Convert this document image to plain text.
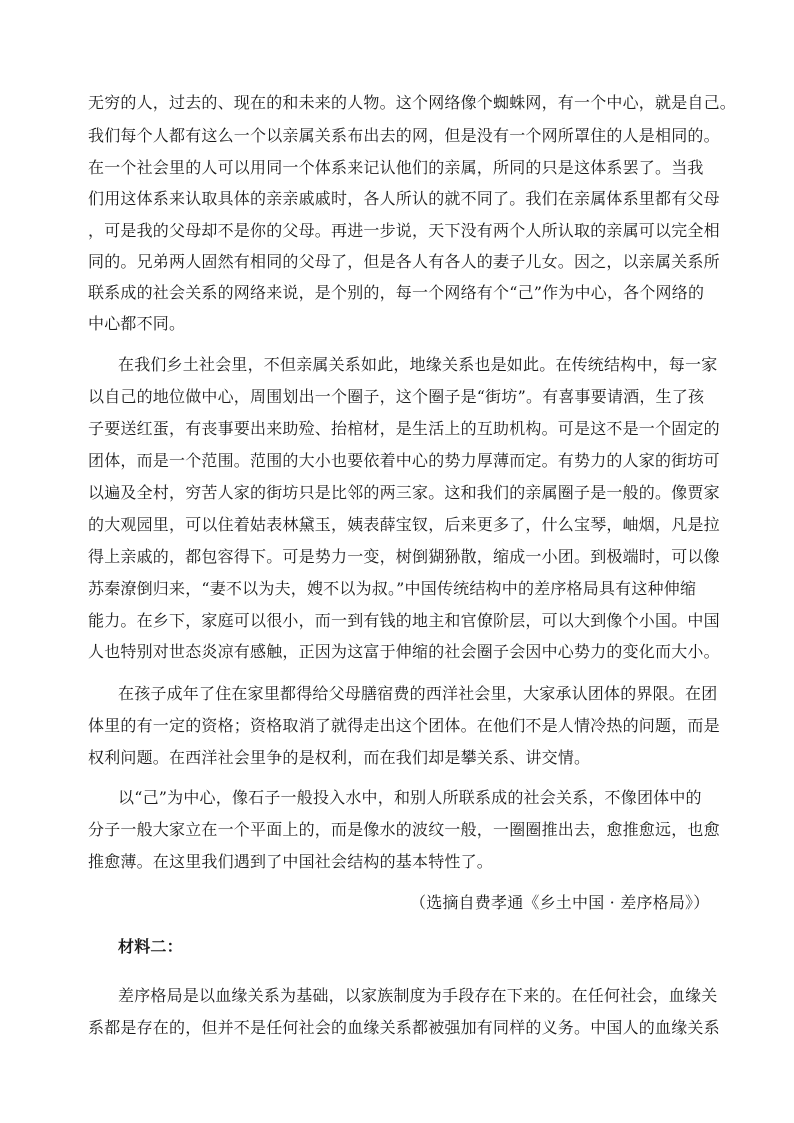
无穷的人，过去的、现在的和未来的人物。这个网络像个蜘蛛网，有一个中心，就是自己。
我们每个人都有这么一个以亲属关系布出去的网，但是没有一个网所罩住的人是相同的。
在一个社会里的人可以用同一个体系来记认他们的亲属，所同的只是这体系罢了。当我
们用这体系来认取具体的亲亲戚戚时，各人所认的就不同了。我们在亲属体系里都有父母
，可是我的父母却不是你的父母。再进一步说，天下没有两个人所认取的亲属可以完全相
同的。兄弟两人固然有相同的父母了，但是各人有各人的妻子儿女。因之，以亲属关系所
联系成的社会关系的网络来说，是个别的，每一个网络有个“己”作为中心，各个网络的
中心都不同。
在我们乡土社会里，不但亲属关系如此，地缘关系也是如此。在传统结构中，每一家
以自己的地位做中心，周围划出一个圈子，这个圈子是“街坊”。有喜事要请酒，生了孩
子要送红蛋，有丧事要出来助殓、抬棺材，是生活上的互助机构。可是这不是一个固定的
团体，而是一个范围。范围的大小也要依着中心的势力厚薄而定。有势力的人家的街坊可
以遍及全村，穷苦人家的街坊只是比邻的两三家。这和我们的亲属圈子是一般的。像贾家
的大观园里，可以住着姑表林黛玉，姨表薛宝钗，后来更多了，什么宝琴，岫烟，凡是拉
得上亲戚的，都包容得下。可是势力一变，树倒猢狲散，缩成一小团。到极端时，可以像
苏秦潦倒归来，“妻不以为夫，嫂不以为叔。”中国传统结构中的差序格局具有这种伸缩
能力。在乡下，家庭可以很小，而一到有钱的地主和官僚阶层，可以大到像个小国。中国
人也特别对世态炎凉有感触，正因为这富于伸缩的社会圈子会因中心势力的变化而大小。
在孩子成年了住在家里都得给父母膳宿费的西洋社会里，大家承认团体的界限。在团
体里的有一定的资格；资格取消了就得走出这个团体。在他们不是人情冷热的问题，而是
权利问题。在西洋社会里争的是权利，而在我们却是攀关系、讲交情。
以“己”为中心，像石子一般投入水中，和别人所联系成的社会关系，不像团体中的
分子一般大家立在一个平面上的，而是像水的波纹一般，一圈圈推出去，愈推愈远，也愈
推愈薄。在这里我们遇到了中国社会结构的基本特性了。
（选摘自费孝通《乡土中国 · 差序格局》）
材料二：
差序格局是以血缘关系为基础，以家族制度为手段存在下来的。在任何社会，血缘关
系都是存在的，但并不是任何社会的血缘关系都被强加有同样的义务。中国人的血缘关系
